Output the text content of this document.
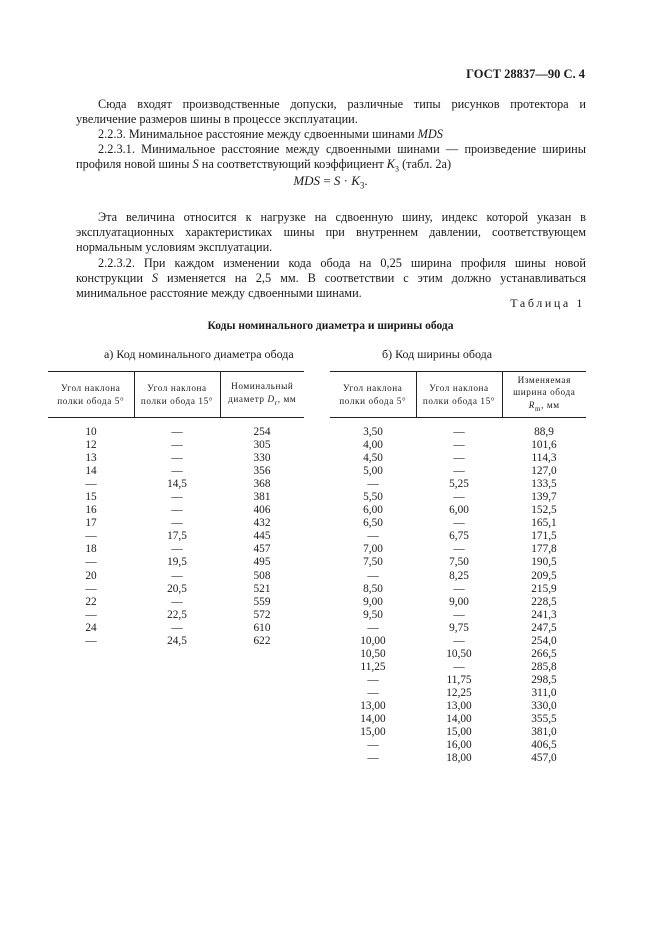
ГОСТ 28837—90 С. 4
Сюда входят производственные допуски, различные типы рисунков протектора и увеличение размеров шины в процессе эксплуатации.
2.2.3. Минимальное расстояние между сдвоенными шинами MDS
2.2.3.1. Минимальное расстояние между сдвоенными шинами — произведение ширины профиля новой шины S на соответствующий коэффициент $K_3$ (табл. 2а)
MDS = $S \cdot K_3$.
Эта величина относится к нагрузке на сдвоенную шину, индекс которой указан в эксплуатационных характеристиках шины при внутреннем давлении, соответствующем нормальным условиям эксплуатации.
2.2.3.2. При каждом изменении кода обода на 0,25 ширина профиля шины новой конструкции S изменяется на 2,5 мм. В соответствии с этим должно устанавливаться минимальное расстояние между сдвоенными шинами.
Таблица 1
Коды номинального диаметра и ширины обода
а) Код номинального диаметра обода	б) Код ширины обода
Угол наклона полки обода 5°	Угол наклона полки обода 15°	Номинальный диаметр $D_r$, мм
10	—	254
12	—	305
13	—	330
14	—	356
—	14,5	368
15	—	381
16	—	406
17	—	432
—	17,5	445
18	—	457
—	19,5	495
20	—	508
—	20,5	521
22	—	559
—	22,5	572
24	—	610
—	24,5	622
Угол наклона полки обода 5°	Угол наклона полки обода 15°	Изменяемая ширина обода $R_m$, мм
3,50	—	88,9
4,00	—	101,6
4,50	—	114,3
5,00	—	127,0
—	5,25	133,5
5,50	—	139,7
6,00	6,00	152,5
6,50	—	165,1
—	6,75	171,5
7,00	—	177,8
7,50	7,50	190,5
—	8,25	209,5
8,50	—	215,9
9,00	9,00	228,5
9,50	—	241,3
—	9,75	247,5
10,00	—	254,0
10,50	10,50	266,5
11,25	—	285,8
—	11,75	298,5
—	12,25	311,0
13,00	13,00	330,0
14,00	14,00	355,5
15,00	15,00	381,0
—	16,00	406,5
—	18,00	457,0
